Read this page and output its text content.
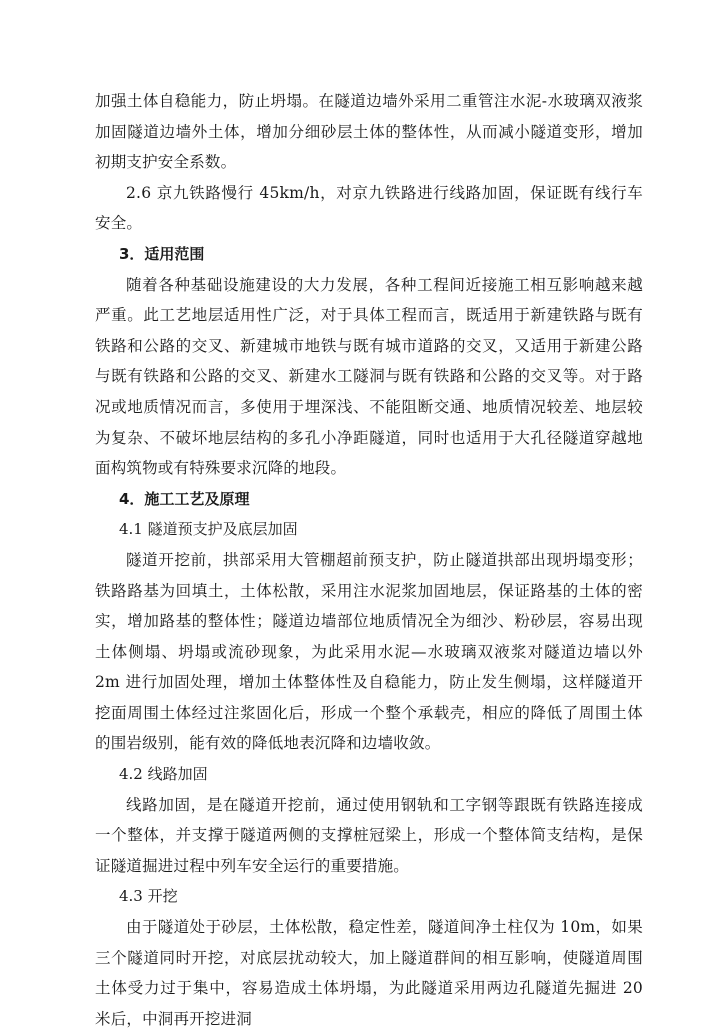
加强土体自稳能力，防止坍塌。在隧道边墙外采用二重管注水泥-水玻璃双液浆加固隧道边墙外土体，增加分细砂层土体的整体性，从而减小隧道变形，增加初期支护安全系数。

2.6 京九铁路慢行 45km/h，对京九铁路进行线路加固，保证既有线行车安全。

3．适用范围

随着各种基础设施建设的大力发展，各种工程间近接施工相互影响越来越严重。此工艺地层适用性广泛，对于具体工程而言，既适用于新建铁路与既有铁路和公路的交叉、新建城市地铁与既有城市道路的交叉，又适用于新建公路与既有铁路和公路的交叉、新建水工隧洞与既有铁路和公路的交叉等。对于路况或地质情况而言，多使用于埋深浅、不能阻断交通、地质情况较差、地层较为复杂、不破坏地层结构的多孔小净距隧道，同时也适用于大孔径隧道穿越地面构筑物或有特殊要求沉降的地段。

4．施工工艺及原理

4.1 隧道预支护及底层加固

隧道开挖前，拱部采用大管棚超前预支护，防止隧道拱部出现坍塌变形；铁路路基为回填土，土体松散，采用注水泥浆加固地层，保证路基的土体的密实，增加路基的整体性；隧道边墙部位地质情况全为细沙、粉砂层，容易出现土体侧塌、坍塌或流砂现象，为此采用水泥—水玻璃双液浆对隧道边墙以外 2m 进行加固处理，增加土体整体性及自稳能力，防止发生侧塌，这样隧道开挖面周围土体经过注浆固化后，形成一个整个承载壳，相应的降低了周围土体的围岩级别，能有效的降低地表沉降和边墙收敛。

4.2 线路加固

线路加固，是在隧道开挖前，通过使用钢轨和工字钢等跟既有铁路连接成一个整体，并支撑于隧道两侧的支撑桩冠梁上，形成一个整体简支结构，是保证隧道掘进过程中列车安全运行的重要措施。

4.3 开挖

由于隧道处于砂层，土体松散，稳定性差，隧道间净土柱仅为 10m，如果三个隧道同时开挖，对底层扰动较大，加上隧道群间的相互影响，使隧道周围土体受力过于集中，容易造成土体坍塌，为此隧道采用两边孔隧道先掘进 20 米后，中洞再开挖进洞
